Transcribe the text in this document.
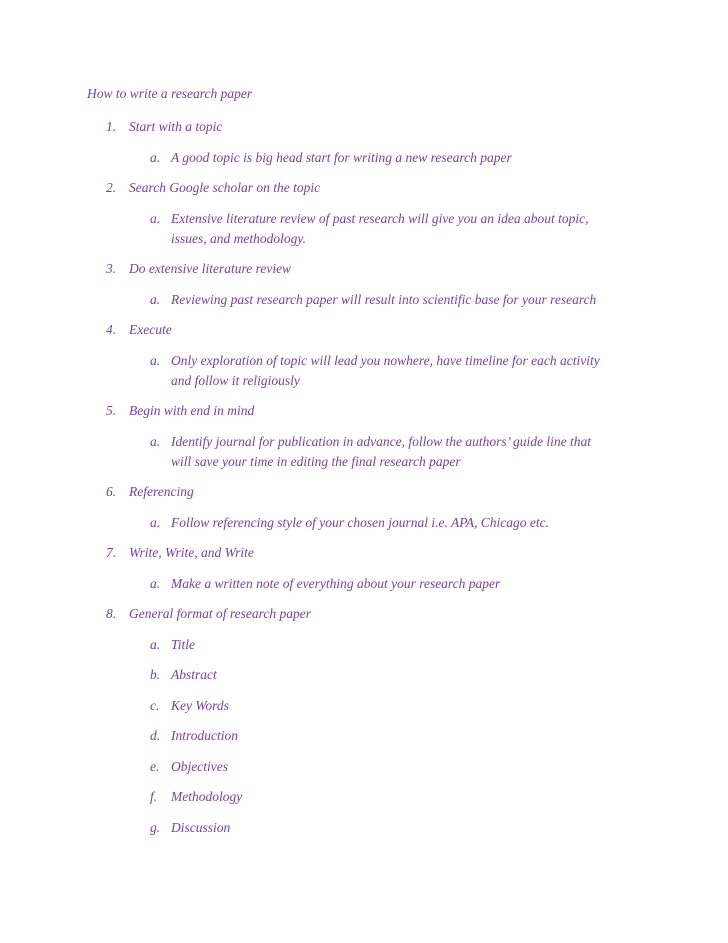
How to write a research paper
1. Start with a topic
a. A good topic is big head start for writing a new research paper
2. Search Google scholar on the topic
a. Extensive literature review of past research will give you an idea about topic,
issues, and methodology.
3. Do extensive literature review
a. Reviewing past research paper will result into scientific base for your research
4. Execute
a. Only exploration of topic will lead you nowhere, have timeline for each activity
and follow it religiously
5. Begin with end in mind
a. Identify journal for publication in advance, follow the authors’ guide line that
will save your time in editing the final research paper
6. Referencing
a. Follow referencing style of your chosen journal i.e. APA, Chicago etc.
7. Write, Write, and Write
a. Make a written note of everything about your research paper
8. General format of research paper
a. Title
b. Abstract
c. Key Words
d. Introduction
e. Objectives
f. Methodology
g. Discussion
